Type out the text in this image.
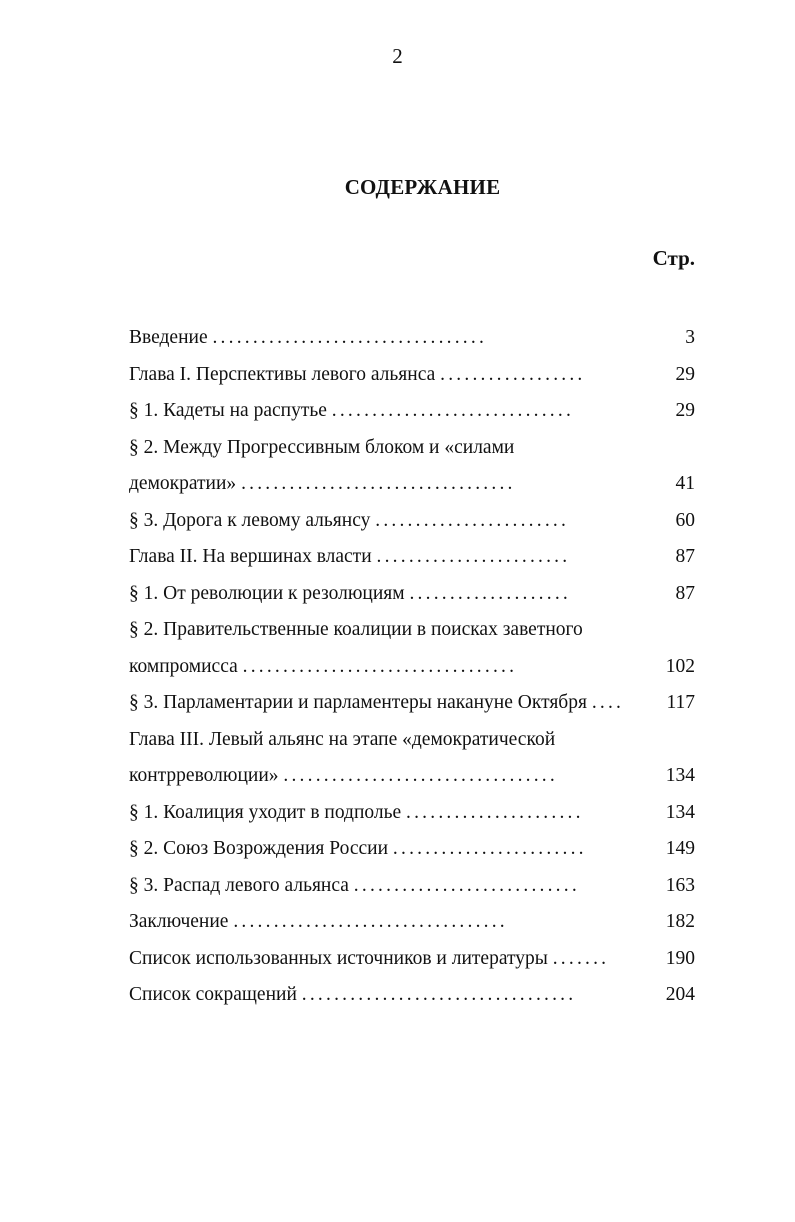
2
СОДЕРЖАНИЕ
Стр.
Введение ..................................	3
Глава I. Перспективы левого альянса ..................	29
§ 1. Кадеты на распутье ..............................	29
§ 2. Между Прогрессивным блоком и «силами
демократии» ..................................	41
§ 3. Дорога к левому альянсу ........................	60
Глава II. На вершинах власти ........................	87
§ 1. От революции к резолюциям ....................	87
§ 2. Правительственные коалиции в поисках заветного
компромисса ..................................	102
§ 3. Парламентарии и парламентеры накануне Октября ....	117
Глава III. Левый альянс на этапе «демократической
контрреволюции» ..................................	134
§ 1. Коалиция уходит в подполье ......................	134
§ 2. Союз Возрождения России ........................	149
§ 3. Распад левого альянса ............................	163
Заключение ..................................	182
Список использованных источников и литературы .......	190
Список сокращений ..................................	204
